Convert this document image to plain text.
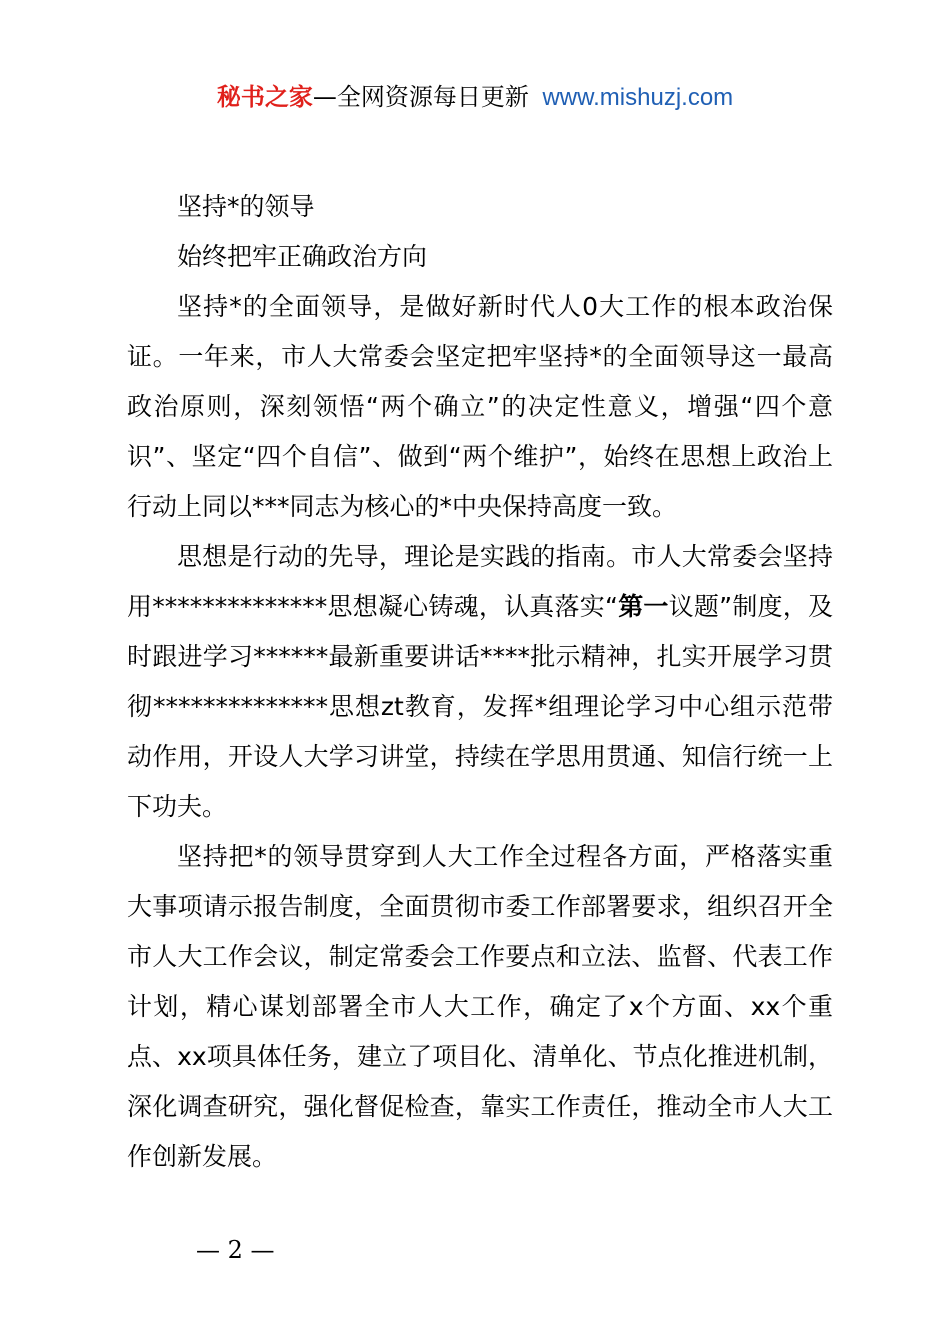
秘书之家—全网资源每日更新 www.mishuzj.com

坚持*的领导

始终把牢正确政治方向

坚持*的全面领导，是做好新时代人0大工作的根本政治保证。一年来，市人大常委会坚定把牢坚持*的全面领导这一最高政治原则，深刻领悟“两个确立”的决定性意义，增强“四个意识”、坚定“四个自信”、做到“两个维护”，始终在思想上政治上行动上同以***同志为核心的*中央保持高度一致。

思想是行动的先导，理论是实践的指南。市人大常委会坚持用**************思想凝心铸魂，认真落实“第一议题”制度，及时跟进学习******最新重要讲话****批示精神，扎实开展学习贯彻**************思想zt教育，发挥*组理论学习中心组示范带动作用，开设人大学习讲堂，持续在学思用贯通、知信行统一上下功夫。

坚持把*的领导贯穿到人大工作全过程各方面，严格落实重大事项请示报告制度，全面贯彻市委工作部署要求，组织召开全市人大工作会议，制定常委会工作要点和立法、监督、代表工作计划，精心谋划部署全市人大工作，确定了x个方面、xx个重点、xx项具体任务，建立了项目化、清单化、节点化推进机制，深化调查研究，强化督促检查，靠实工作责任，推动全市人大工作创新发展。

— 2 —
